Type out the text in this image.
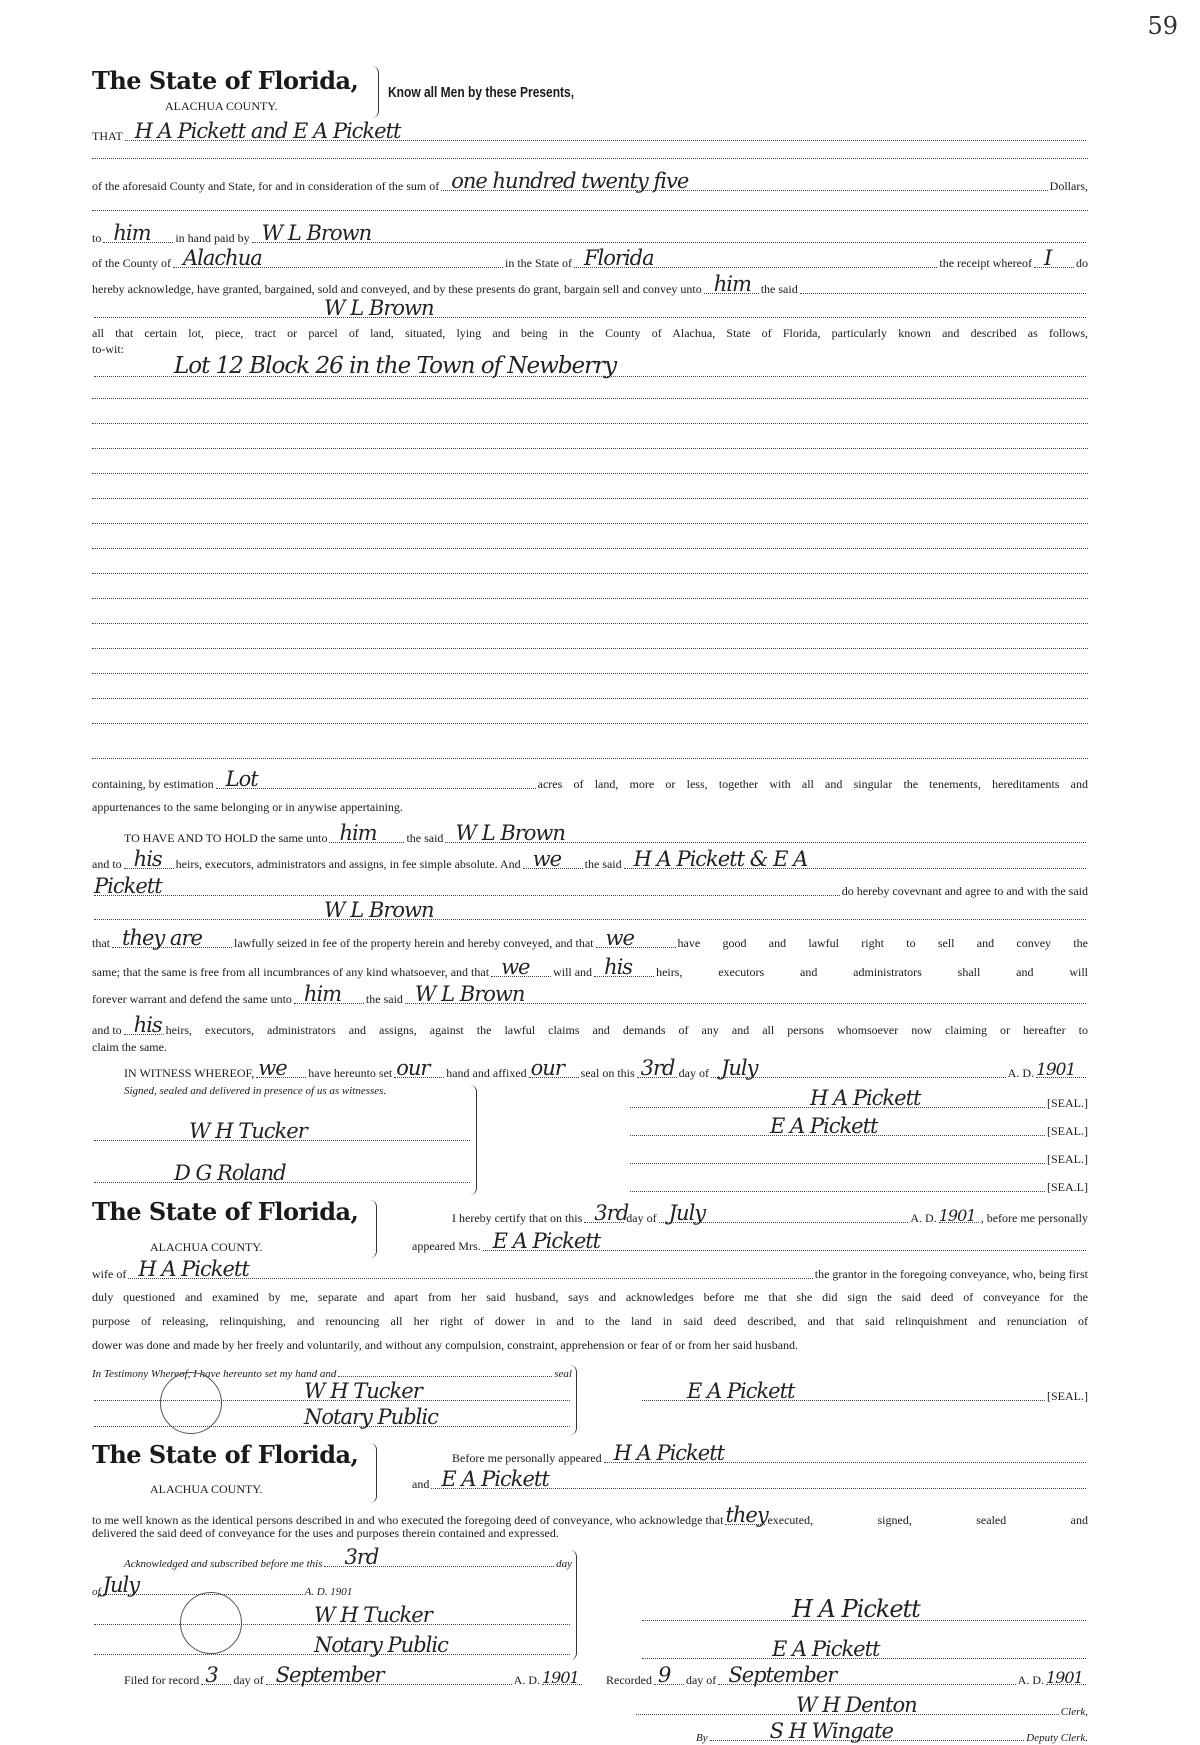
59
The State of Florida,
ALACHUA COUNTY.
Know all Men by these Presents,
THAT H A Pickett and E A Pickett
of the aforesaid County and State, for and in consideration of the sum of one hundred twenty five	Dollars,
to him in hand paid by W L Brown
of the County of Alachua	in the State of Florida	the receipt whereof I do
hereby acknowledge, have granted, bargained, sold and conveyed, and by these presents do grant, bargain sell and convey unto him the said
W L Brown
all that certain lot, piece, tract or parcel of land, situated, lying and being in the County of Alachua, State of Florida, particularly known and described as follows,
to-wit:
Lot 12 Block 26 in the Town of Newberry
containing, by estimation Lot	acres of land, more or less, together with all and singular the tenements, hereditaments and
appurtenances to the same belonging or in anywise appertaining.
TO HAVE AND TO HOLD the same unto him the said W L Brown
and to his heirs, executors, administrators and assigns, in fee simple absolute. And we the said H A Pickett & E A
Pickett	do hereby covevnant and agree to and with the said
W L Brown
that they are	lawfully seized in fee of the property herein and hereby conveyed, and that we	have good and lawful right to sell and convey the
same; that the same is free from all incumbrances of any kind whatsoever, and that we will and his heirs, executors and administrators shall and will
forever warrant and defend the same unto him the said W L Brown
and to his heirs, executors, administrators and assigns, against the lawful claims and demands of any and all persons whomsoever now claiming or hereafter to
claim the same.
IN WITNESS WHEREOF, we have hereunto set our hand and affixed our seal on this 3rd day of July	A. D. 1901
Signed, sealed and delivered in presence of us as witnesses.
W H Tucker
D G Roland
H A Pickett	[SEAL.]
E A Pickett	[SEAL.]
[SEAL.]
[SEA.L]
The State of Florida,
ALACHUA COUNTY.
I hereby certify that on this 3rd
day of July	A. D. 1901 , before me personally
appeared Mrs. E A Pickett
wife of H A Pickett	the grantor in the foregoing conveyance, who, being first
duly questioned and examined by me, separate and apart from her said husband, says and acknowledges before me that she did sign the said deed of conveyance for the
purpose of releasing, relinquishing, and renouncing all her right of dower in and to the land in said deed described, and that said relinquishment and renunciation of
dower was done and made by her freely and voluntarily, and without any compulsion, constraint, apprehension or fear of or from her said husband.
In Testimony Whereof, I have hereunto set my hand and	seal
W H Tucker
Notary Public
E A Pickett	[SEAL.]
The State of Florida,
ALACHUA COUNTY.
Before me personally appeared H A Pickett
and E A Pickett
to me well known as the identical persons described in and who executed the foregoing deed of conveyance, who acknowledge that they executed, signed, sealed and
delivered the said deed of conveyance for the uses and purposes therein contained and expressed.
Acknowledged and subscribed before me this 3rd	day
of July	A. D. 1901
W H Tucker
Notary Public
H A Pickett
E A Pickett
Filed for record 3 day of September	A. D. 1901 Recorded 9 day of September	A. D. 1901
W H Denton	Clerk,
By	S H Wingate	Deputy Clerk.
